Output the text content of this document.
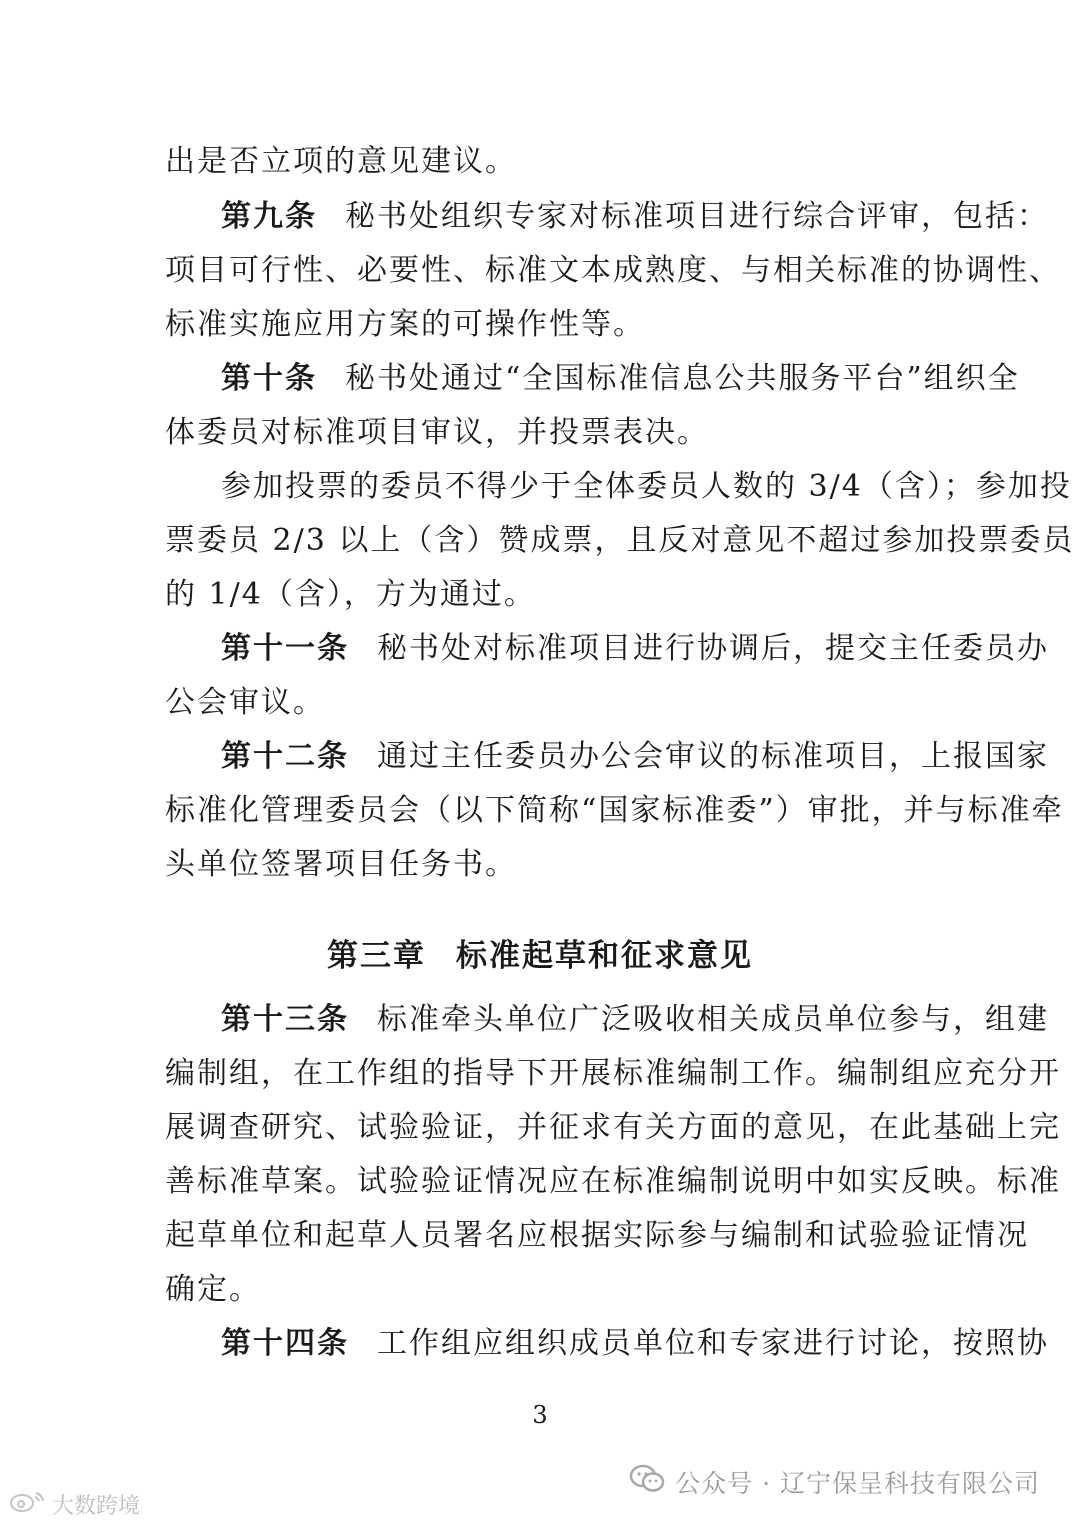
出是否立项的意见建议。
第九条 秘书处组织专家对标准项目进行综合评审，包括：
项目可行性、必要性、标准文本成熟度、与相关标准的协调性、
标准实施应用方案的可操作性等。
第十条 秘书处通过“全国标准信息公共服务平台”组织全
体委员对标准项目审议，并投票表决。
参加投票的委员不得少于全体委员人数的 3/4（含）；参加投
票委员 2/3 以上（含）赞成票，且反对意见不超过参加投票委员
的 1/4（含），方为通过。
第十一条 秘书处对标准项目进行协调后，提交主任委员办
公会审议。
第十二条 通过主任委员办公会审议的标准项目，上报国家
标准化管理委员会（以下简称“国家标准委”）审批，并与标准牵
头单位签署项目任务书。
第十三条 标准牵头单位广泛吸收相关成员单位参与，组建
编制组，在工作组的指导下开展标准编制工作。编制组应充分开
展调查研究、试验验证，并征求有关方面的意见，在此基础上完
善标准草案。试验验证情况应在标准编制说明中如实反映。标准
起草单位和起草人员署名应根据实际参与编制和试验验证情况
确定。
第十四条 工作组应组织成员单位和专家进行讨论，按照协
第三章 标准起草和征求意见
3
公众号 · 辽宁保呈科技有限公司
大数跨境
